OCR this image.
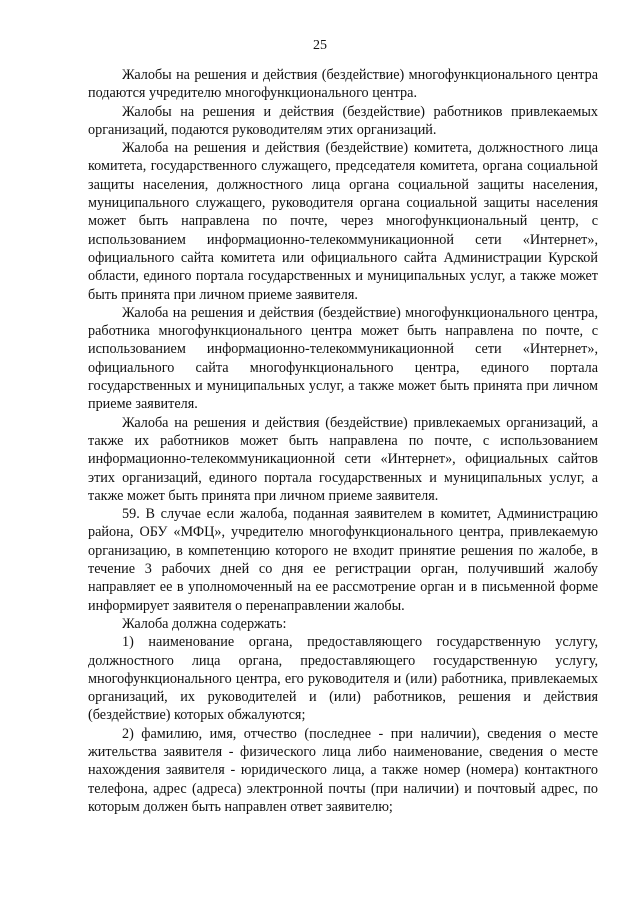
25

Жалобы на решения и действия (бездействие) многофункционального центра подаются учредителю многофункционального центра.

Жалобы на решения и действия (бездействие) работников привлекаемых организаций, подаются руководителям этих организаций.

Жалоба на решения и действия (бездействие) комитета, должностного лица комитета, государственного служащего, председателя комитета, органа социальной защиты населения, должностного лица органа социальной защиты населения, муниципального служащего, руководителя органа социальной защиты населения может быть направлена по почте, через многофункциональный центр, с использованием информационно-телекоммуникационной сети «Интернет», официального сайта комитета или официального сайта Администрации Курской области, единого портала государственных и муниципальных услуг, а также может быть принята при личном приеме заявителя.

Жалоба на решения и действия (бездействие) многофункционального центра, работника многофункционального центра может быть направлена по почте, с использованием информационно-телекоммуникационной сети «Интернет», официального сайта многофункционального центра, единого портала государственных и муниципальных услуг, а также может быть принята при личном приеме заявителя.

Жалоба на решения и действия (бездействие) привлекаемых организаций, а также их работников может быть направлена по почте, с использованием информационно-телекоммуникационной сети «Интернет», официальных сайтов этих организаций, единого портала государственных и муниципальных услуг, а также может быть принята при личном приеме заявителя.

59. В случае если жалоба, поданная заявителем в комитет, Администрацию района, ОБУ «МФЦ», учредителю многофункционального центра, привлекаемую организацию, в компетенцию которого не входит принятие решения по жалобе, в течение 3 рабочих дней со дня ее регистрации орган, получивший жалобу направляет ее в уполномоченный на ее рассмотрение орган и в письменной форме информирует заявителя о перенаправлении жалобы.

Жалоба должна содержать:

1) наименование органа, предоставляющего государственную услугу, должностного лица органа, предоставляющего государственную услугу, многофункционального центра, его руководителя и (или) работника, привлекаемых организаций, их руководителей и (или) работников, решения и действия (бездействие) которых обжалуются;

2) фамилию, имя, отчество (последнее - при наличии), сведения о месте жительства заявителя - физического лица либо наименование, сведения о месте нахождения заявителя - юридического лица, а также номер (номера) контактного телефона, адрес (адреса) электронной почты (при наличии) и почтовый адрес, по которым должен быть направлен ответ заявителю;
